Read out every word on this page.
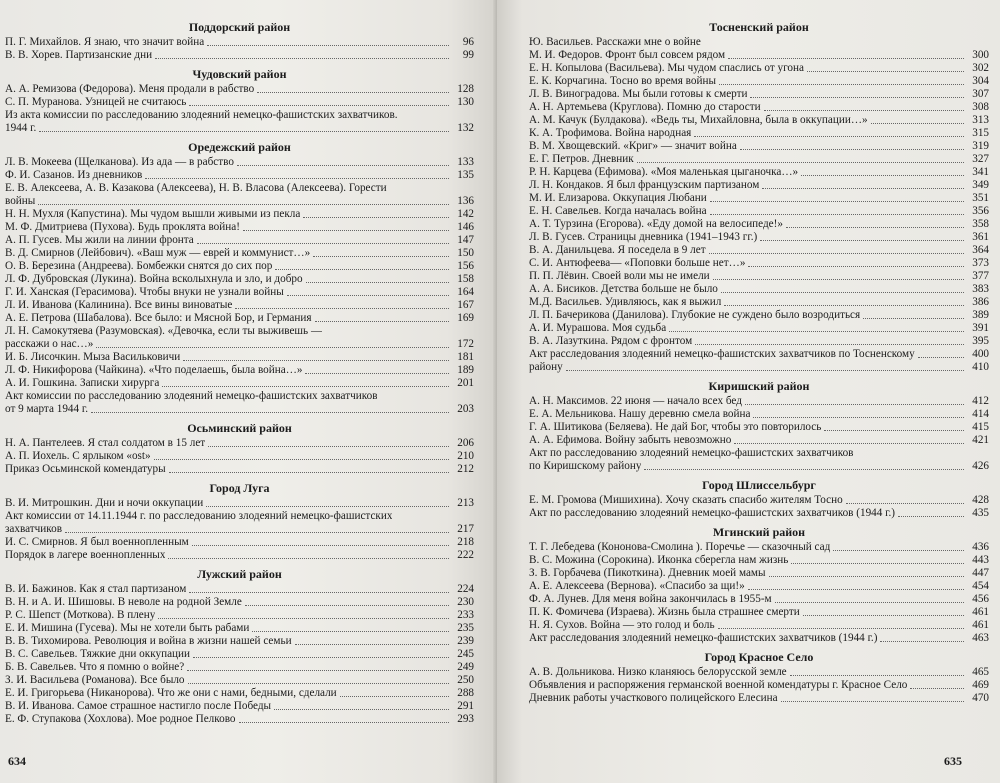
Поддорский район
П. Г. Михайлов. Я знаю, что значит война	96
В. В. Хорев. Партизанские дни	99
Чудовский район
А. А. Ремизова (Федорова). Меня продали в рабство	128
С. П. Муранова. Узницей не считаюсь	130
Из акта комиссии по расследованию злодеяний немецко-фашистских захватчиков.
1944 г.	132
Оредежский район
Л. В. Мокеева (Щелканова). Из ада — в рабство	133
Ф. И. Сазанов. Из дневников	135
Е. В. Алексеева, А. В. Казакова (Алексеева), Н. В. Власова (Алексеева). Горести
войны	136
Н. Н. Мухля (Капустина). Мы чудом вышли живыми из пекла	142
М. Ф. Дмитриева (Пухова). Будь проклята война!	146
А. П. Гусев. Мы жили на линии фронта	147
В. Д. Смирнов (Лейбович). «Ваш муж — еврей и коммунист…»	150
О. В. Березина (Андреева). Бомбежки снятся до сих пор	156
Л. Ф. Дубровская (Лукина). Война всколыхнула и зло, и добро	158
Г. И. Ханская (Герасимова). Чтобы внуки не узнали войны	164
Л. И. Иванова (Калинина). Все вины виноватые	167
А. Е. Петрова (Шабалова). Все было: и Мясной Бор, и Германия	169
Л. Н. Самокутяева (Разумовская). «Девочка, если ты выживешь —
расскажи о нас…»	172
И. Б. Лисочкин. Мыза Васильковичи	181
Л. Ф. Никифорова (Чайкина). «Что поделаешь, была война…»	189
А. И. Гошкина. Записки хирурга	201
Акт комиссии по расследованию злодеяний немецко-фашистских захватчиков
от 9 марта 1944 г.	203
Осьминский район
Н. А. Пантелеев. Я стал солдатом в 15 лет	206
А. П. Иохель. С ярлыком «ost»	210
Приказ Осьминской комендатуры	212
Город Луга
В. И. Митрошкин. Дни и ночи оккупации	213
Акт комиссии от 14.11.1944 г. по расследованию злодеяний немецко-фашистских
захватчиков	217
И. С. Смирнов. Я был военнопленным	218
Порядок в лагере военнопленных	222
Лужский район
В. И. Бажинов. Как я стал партизаном	224
В. Н. и А. И. Шишовы. В неволе на родной Земле	230
Р. С. Шепст (Моткова). В плену	233
Е. И. Мишина (Гусева). Мы не хотели быть рабами	235
В. В. Тихомирова. Революция и война в жизни нашей семьи	239
В. С. Савельев. Тяжкие дни оккупации	245
Б. В. Савельев. Что я помню о войне?	249
З. И. Васильева (Романова). Все было	250
Е. И. Григорьева (Никанорова). Что же они с нами, бедными, сделали	288
В. И. Иванова. Самое страшное настигло после Победы	291
Е. Ф. Ступакова (Хохлова). Мое родное Пелково	293
634
Тосненский район
Ю. Васильев. Расскажи мне о войне
М. И. Федоров. Фронт был совсем рядом	300
Е. Н. Копылова (Васильева). Мы чудом спаслись от угона	302
Е. К. Корчагина. Тосно во время войны	304
Л. В. Виноградова. Мы были готовы к смерти	307
А. Н. Артемьева (Круглова). Помню до старости	308
А. М. Качук (Булдакова). «Ведь ты, Михайловна, была в оккупации…»	313
К. А. Трофимова. Война народная	315
В. М. Хвощевский. «Криг» — значит война	319
Е. Г. Петров. Дневник	327
Р. Н. Карцева (Ефимова). «Моя маленькая цыганочка…»	341
Л. Н. Кондаков. Я был французским партизаном	349
М. И. Елизарова. Оккупация Любани	351
Е. Н. Савельев. Когда началась война	356
А. Т. Турзина (Егорова). «Еду домой на велосипеде!»	358
Л. В. Гусев. Страницы дневника (1941–1943 гг.)	361
В. А. Данильцева. Я поседела в 9 лет	364
С. И. Антюфеева— «Поповки больше нет…»	373
П. П. Лёвин. Своей воли мы не имели	377
А. А. Бисиков. Детства больше не было	383
М.Д. Васильев. Удивляюсь, как я выжил	386
Л. П. Бачерикова (Данилова). Глубокие не суждено было возродиться	389
А. И. Мурашова. Моя судьба	391
В. А. Лазуткина. Рядом с фронтом	395
Акт расследования злодеяний немецко-фашистских захватчиков по Тосненскому	400
району	410
Киришский район
А. Н. Максимов. 22 июня — начало всех бед	412
Е. А. Мельникова. Нашу деревню смела война	414
Г. А. Шитикова (Беляева). Не дай Бог, чтобы это повторилось	415
А. А. Ефимова. Войну забыть невозможно	421
Акт по расследованию злодеяний немецко-фашистских захватчиков
по Киришскому району	426
Город Шлиссельбург
Е. М. Громова (Мишихина). Хочу сказать спасибо жителям Тосно	428
Акт по расследованию злодеяний немецко-фашистских захватчиков (1944 г.)	435
Мгинский район
Т. Г. Лебедева (Кононова-Смолина ). Поречье — сказочный сад	436
В. С. Можина (Сорокина). Иконка сберегла нам жизнь	443
З. В. Горбачева (Пикоткина). Дневник моей мамы	447
А. Е. Алексеева (Вернова). «Спасибо за щи!»	454
Ф. А. Лунев. Для меня война закончилась в 1955-м	456
П. К. Фомичева (Израева). Жизнь была страшнее смерти	461
Н. Я. Сухов. Война — это голод и боль	461
Акт расследования злодеяний немецко-фашистских захватчиков (1944 г.)	463
Город Красное Село
А. В. Дольникова. Низко кланяюсь белорусской земле	465
Объявления и распоряжения германской военной комендатуры г. Красное Село	469
Дневник работы участкового полицейского Елесина	470
635
